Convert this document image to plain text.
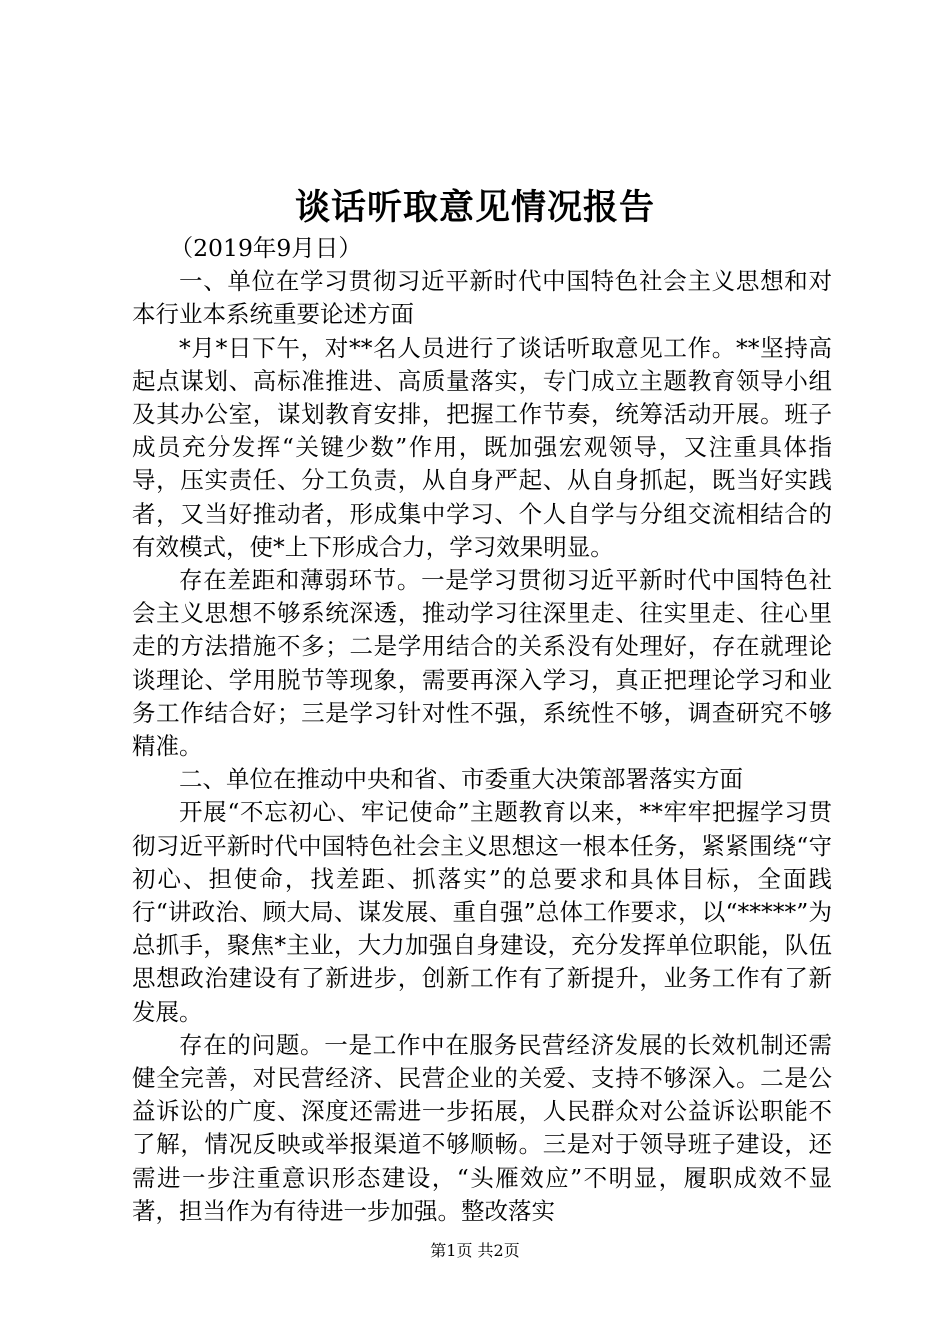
谈话听取意见情况报告

（2019年9月日）

一、单位在学习贯彻习近平新时代中国特色社会主义思想和对本行业本系统重要论述方面

*月*日下午，对**名人员进行了谈话听取意见工作。**坚持高起点谋划、高标准推进、高质量落实，专门成立主题教育领导小组及其办公室，谋划教育安排，把握工作节奏，统筹活动开展。班子成员充分发挥“关键少数”作用，既加强宏观领导，又注重具体指导，压实责任、分工负责，从自身严起、从自身抓起，既当好实践者，又当好推动者，形成集中学习、个人自学与分组交流相结合的有效模式，使*上下形成合力，学习效果明显。

存在差距和薄弱环节。一是学习贯彻习近平新时代中国特色社会主义思想不够系统深透，推动学习往深里走、往实里走、往心里走的方法措施不多；二是学用结合的关系没有处理好，存在就理论谈理论、学用脱节等现象，需要再深入学习，真正把理论学习和业务工作结合好；三是学习针对性不强，系统性不够，调查研究不够精准。

二、单位在推动中央和省、市委重大决策部署落实方面

开展“不忘初心、牢记使命”主题教育以来，**牢牢把握学习贯彻习近平新时代中国特色社会主义思想这一根本任务，紧紧围绕“守初心、担使命，找差距、抓落实”的总要求和具体目标，全面践行“讲政治、顾大局、谋发展、重自强”总体工作要求，以“*****”为总抓手，聚焦*主业，大力加强自身建设，充分发挥单位职能，队伍思想政治建设有了新进步，创新工作有了新提升，业务工作有了新发展。

存在的问题。一是工作中在服务民营经济发展的长效机制还需健全完善，对民营经济、民营企业的关爱、支持不够深入。二是公益诉讼的广度、深度还需进一步拓展，人民群众对公益诉讼职能不了解，情况反映或举报渠道不够顺畅。三是对于领导班子建设，还需进一步注重意识形态建设，“头雁效应”不明显，履职成效不显著，担当作为有待进一步加强。整改落实

第1页 共2页
